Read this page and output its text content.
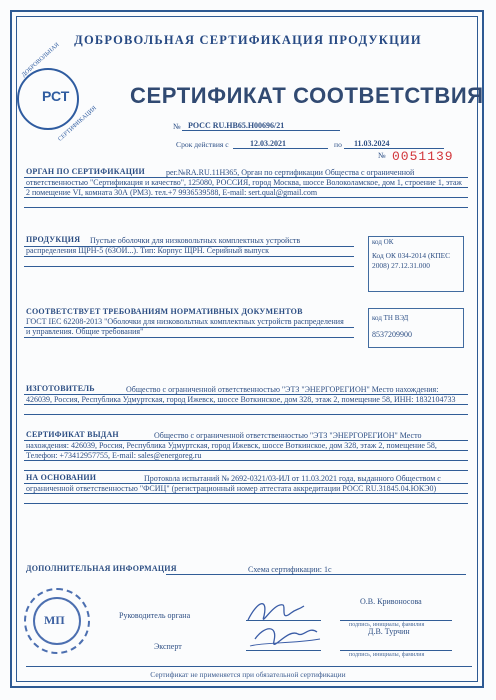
ДОБРОВОЛЬНАЯ СЕРТИФИКАЦИЯ ПРОДУКЦИИ
РСТ
ДОБРОВОЛЬНАЯ
СЕРТИФИКАЦИЯ
СЕРТИФИКАТ СООТВЕТСТВИЯ
№ РОСС RU.HB65.H00696/21
Срок действия с	12.03.2021	по 11.03.2024
№ 0051139
ОРГАН ПО СЕРТИФИКАЦИИ	рег.№RA.RU.11H365, Орган по сертификации Общества с ограниченной ответственностью "Сертификация и качество", 125080, РОССИЯ, город Москва, шоссе Волоколамское, дом 1, строение 1, этаж 2 помещение VI, комната 30А (РМ3). тел.+7 9936539588, E-mail: sert.qual@gmail.com
ПРОДУКЦИЯ	Пустые оболочки для низковольтных комплектных устройств распределения ЩРН-5 (6ЗОИ...). Тип: Корпус ЩРН. Серийный выпуск
код ОК
Код ОК 034-2014 (КПЕС 2008) 27.12.31.000
СООТВЕТСТВУЕТ ТРЕБОВАНИЯМ НОРМАТИВНЫХ ДОКУМЕНТОВ
ГОСТ IEC 62208-2013 "Оболочки для низковольтных комплектных устройств распределения и управления. Общие требования"
код ТН ВЭД
8537209900
ИЗГОТОВИТЕЛЬ	Общество с ограниченной ответственностью "ЭТЗ "ЭНЕРГОРЕГИОН" Место нахождения: 426039, Россия, Республика Удмуртская, город Ижевск, шоссе Воткинское, дом 328, этаж 2, помещение 58, ИНН: 1832104733
СЕРТИФИКАТ ВЫДАН	Общество с ограниченной ответственностью "ЭТЗ "ЭНЕРГОРЕГИОН" Место нахождения: 426039, Россия, Республика Удмуртская, город Ижевск, шоссе Воткинское, дом 328, этаж 2, помещение 58, Телефон: +73412957755, E-mail: sales@energoreg.ru
НА ОСНОВАНИИ	Протокола испытаний № 2692-0321/03-ИЛ от 11.03.2021 года, выданного Обществом с ограниченной ответственностью "ФСИЦ" (регистрационный номер аттестата аккредитации РОСС RU.31845.04.ЮКЭ0)
ДОПОЛНИТЕЛЬНАЯ ИНФОРМАЦИЯ	Схема сертификации: 1с
МП	Руководитель органа
О.В. Кривоносова
подпись, инициалы, фамилия
Эксперт
Д.В. Турчин
подпись, инициалы, фамилия
Сертификат не применяется при обязательной сертификации
